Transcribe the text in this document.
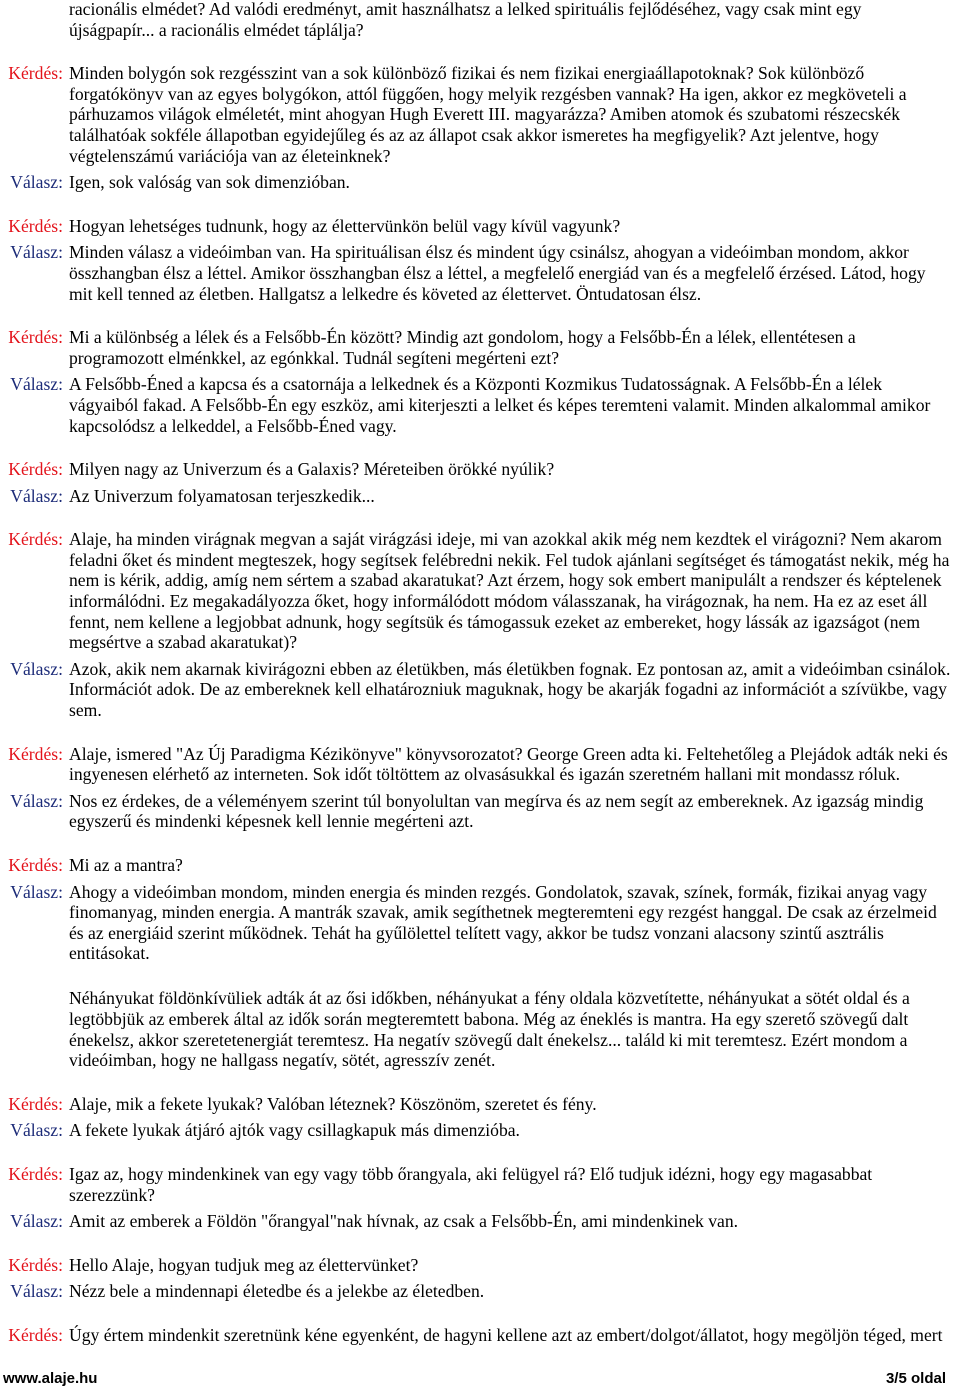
racionális elmédet? Ad valódi eredményt, amit használhatsz a lelked spirituális fejlődéséhez, vagy csak mint egy
újságpapír... a racionális elmédet táplálja?
Kérdés: Minden bolygón sok rezgésszint van a sok különböző fizikai és nem fizikai energiaállapotoknak? Sok különböző
forgatókönyv van az egyes bolygókon, attól függően, hogy melyik rezgésben vannak? Ha igen, akkor ez megköveteli a
párhuzamos világok elméletét, mint ahogyan Hugh Everett III. magyarázza? Amiben atomok és szubatomi részecskék
találhatóak sokféle állapotban egyidejűleg és az az állapot csak akkor ismeretes ha megfigyelik? Azt jelentve, hogy
végtelenszámú variációja van az életeinknek?
Válasz: Igen, sok valóság van sok dimenzióban.
Kérdés: Hogyan lehetséges tudnunk, hogy az élettervünkön belül vagy kívül vagyunk?
Válasz: Minden válasz a videóimban van. Ha spirituálisan élsz és mindent úgy csinálsz, ahogyan a videóimban mondom, akkor
összhangban élsz a léttel. Amikor összhangban élsz a léttel, a megfelelő energiád van és a megfelelő érzésed. Látod, hogy
mit kell tenned az életben. Hallgatsz a lelkedre és követed az élettervet. Öntudatosan élsz.
Kérdés: Mi a különbség a lélek és a Felsőbb-Én között? Mindig azt gondolom, hogy a Felsőbb-Én a lélek, ellentétesen a
programozott elménkkel, az egónkkal. Tudnál segíteni megérteni ezt?
Válasz: A Felsőbb-Éned a kapcsa és a csatornája a lelkednek és a Központi Kozmikus Tudatosságnak. A Felsőbb-Én a lélek
vágyaiból fakad. A Felsőbb-Én egy eszköz, ami kiterjeszti a lelket és képes teremteni valamit. Minden alkalommal amikor
kapcsolódsz a lelkeddel, a Felsőbb-Éned vagy.
Kérdés: Milyen nagy az Univerzum és a Galaxis? Méreteiben örökké nyúlik?
Válasz: Az Univerzum folyamatosan terjeszkedik...
Kérdés: Alaje, ha minden virágnak megvan a saját virágzási ideje, mi van azokkal akik még nem kezdtek el virágozni? Nem akarom
feladni őket és mindent megteszek, hogy segítsek felébredni nekik. Fel tudok ajánlani segítséget és támogatást nekik, még ha
nem is kérik, addig, amíg nem sértem a szabad akaratukat? Azt érzem, hogy sok embert manipulált a rendszer és képtelenek
informálódni. Ez megakadályozza őket, hogy informálódott módom válasszanak, ha virágoznak, ha nem. Ha ez az eset áll
fennt, nem kellene a legjobbat adnunk, hogy segítsük és támogassuk ezeket az embereket, hogy lássák az igazságot (nem
megsértve a szabad akaratukat)?
Válasz: Azok, akik nem akarnak kivirágozni ebben az életükben, más életükben fognak. Ez pontosan az, amit a videóimban csinálok.
Információt adok. De az embereknek kell elhatározniuk maguknak, hogy be akarják fogadni az információt a szívükbe, vagy
sem.
Kérdés: Alaje, ismered "Az Új Paradigma Kézikönyve" könyvsorozatot? George Green adta ki. Feltehetőleg a Plejádok adták neki és
ingyenesen elérhető az interneten. Sok időt töltöttem az olvasásukkal és igazán szeretném hallani mit mondassz róluk.
Válasz: Nos ez érdekes, de a véleményem szerint túl bonyolultan van megírva és az nem segít az embereknek. Az igazság mindig
egyszerű és mindenki képesnek kell lennie megérteni azt.
Kérdés: Mi az a mantra?
Válasz: Ahogy a videóimban mondom, minden energia és minden rezgés. Gondolatok, szavak, színek, formák, fizikai anyag vagy
finomanyag, minden energia. A mantrák szavak, amik segíthetnek megteremteni egy rezgést hanggal. De csak az érzelmeid
és az energiáid szerint működnek. Tehát ha gyűlölettel telített vagy, akkor be tudsz vonzani alacsony szintű asztrális
entitásokat.
Néhányukat földönkívüliek adták át az ősi időkben, néhányukat a fény oldala közvetítette, néhányukat a sötét oldal és a
legtöbbjük az emberek által az idők során megteremtett babona. Még az éneklés is mantra. Ha egy szerető szövegű dalt
énekelsz, akkor szeretetenergiát teremtesz. Ha negatív szövegű dalt énekelsz... találd ki mit teremtesz. Ezért mondom a
videóimban, hogy ne hallgass negatív, sötét, agresszív zenét.
Kérdés: Alaje, mik a fekete lyukak? Valóban léteznek? Köszönöm, szeretet és fény.
Válasz: A fekete lyukak átjáró ajtók vagy csillagkapuk más dimenzióba.
Kérdés: Igaz az, hogy mindenkinek van egy vagy több őrangyala, aki felügyel rá? Elő tudjuk idézni, hogy egy magasabbat
szerezzünk?
Válasz: Amit az emberek a Földön "őrangyal"nak hívnak, az csak a Felsőbb-Én, ami mindenkinek van.
Kérdés: Hello Alaje, hogyan tudjuk meg az élettervünket?
Válasz: Nézz bele a mindennapi életedbe és a jelekbe az életedben.
Kérdés: Úgy értem mindenkit szeretnünk kéne egyenként, de hagyni kellene azt az embert/dolgot/állatot, hogy megöljön téged, mert
www.alaje.hu	3/5 oldal
